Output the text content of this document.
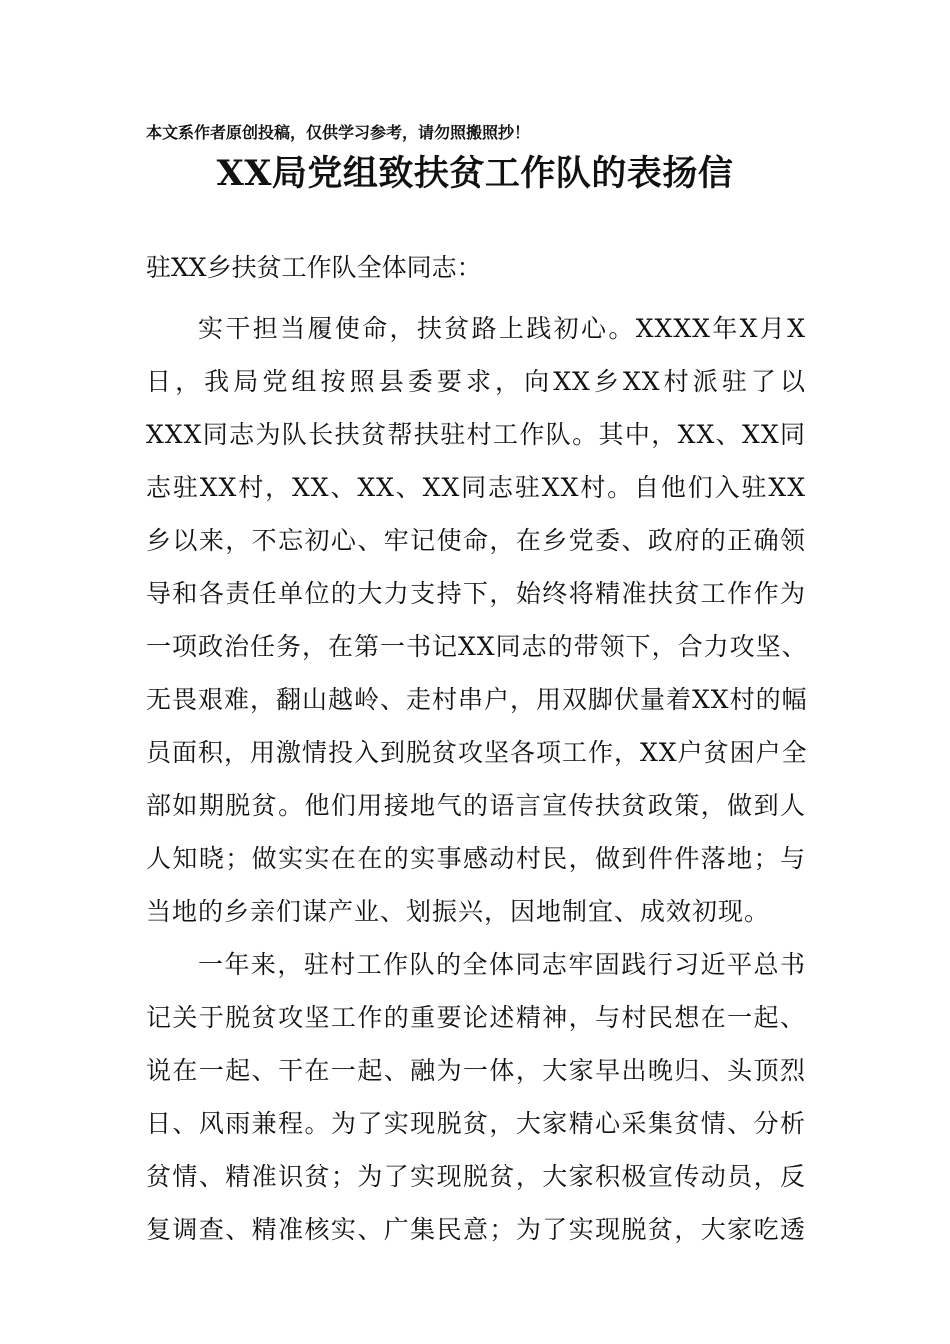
本文系作者原创投稿，仅供学习参考，请勿照搬照抄！
XX局党组致扶贫工作队的表扬信
驻XX乡扶贫工作队全体同志：
实干担当履使命，扶贫路上践初心。XXXX年X月X
日，我局党组按照县委要求，向XX乡XX村派驻了以
XXX同志为队长扶贫帮扶驻村工作队。其中，XX、XX同
志驻XX村，XX、XX、XX同志驻XX村。自他们入驻XX
乡以来，不忘初心、牢记使命，在乡党委、政府的正确领
导和各责任单位的大力支持下，始终将精准扶贫工作作为
一项政治任务，在第一书记XX同志的带领下，合力攻坚、
无畏艰难，翻山越岭、走村串户，用双脚伏量着XX村的幅
员面积，用激情投入到脱贫攻坚各项工作，XX户贫困户全
部如期脱贫。他们用接地气的语言宣传扶贫政策，做到人
人知晓；做实实在在的实事感动村民，做到件件落地；与
当地的乡亲们谋产业、划振兴，因地制宜、成效初现。
一年来，驻村工作队的全体同志牢固践行习近平总书
记关于脱贫攻坚工作的重要论述精神，与村民想在一起、
说在一起、干在一起、融为一体，大家早出晚归、头顶烈
日、风雨兼程。为了实现脱贫，大家精心采集贫情、分析
贫情、精准识贫；为了实现脱贫，大家积极宣传动员，反
复调查、精准核实、广集民意；为了实现脱贫，大家吃透
